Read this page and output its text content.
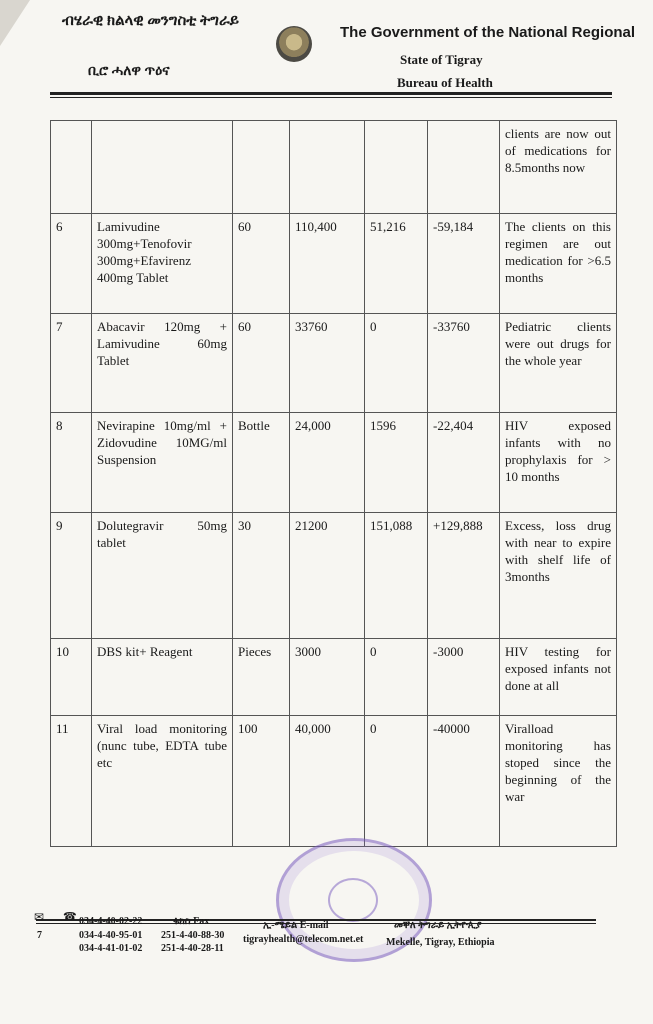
ብሄራዊ ክልላዊ መንግስቲ ትግራይ
ቢሮ ሓለዋ ጥዕና
The Government of the National Regional
State of Tigray
Bureau of Health
						clients are now out of medications for 8.5months now
6	Lamivudine 300mg+Tenofovir 300mg+Efavirenz 400mg Tablet	60	110,400	51,216	-59,184	The clients on this regimen are out medication for >6.5 months
7	Abacavir 120mg + Lamivudine 60mg Tablet	60	33760	0	-33760	Pediatric clients were out drugs for the whole year
8	Nevirapine 10mg/ml + Zidovudine 10MG/ml Suspension	Bottle	24,000	1596	-22,404	HIV exposed infants with no prophylaxis for > 10 months
9	Dolutegravir 50mg tablet	30	21200	151,088	+129,888	Excess, loss drug with near to expire with shelf life of 3months
10	DBS kit+ Reagent	Pieces	3000	0	-3000	HIV testing for exposed infants not done at all
11	Viral load monitoring (nunc tube, EDTA tube etc	100	40,000	0	-40000	Viralload monitoring has stoped since the beginning of the war
✉ ☎
7
034-4-40-02-22
034-4-40-95-01
034-4-41-01-02
ፋክስ Fax
251-4-40-88-30
251-4-40-28-11
ኢ-ሜይል E-mail
tigrayhealth@telecom.net.et
መቐለ ትግራይ ኢትዮጲያ
Mekelle, Tigray, Ethiopia
